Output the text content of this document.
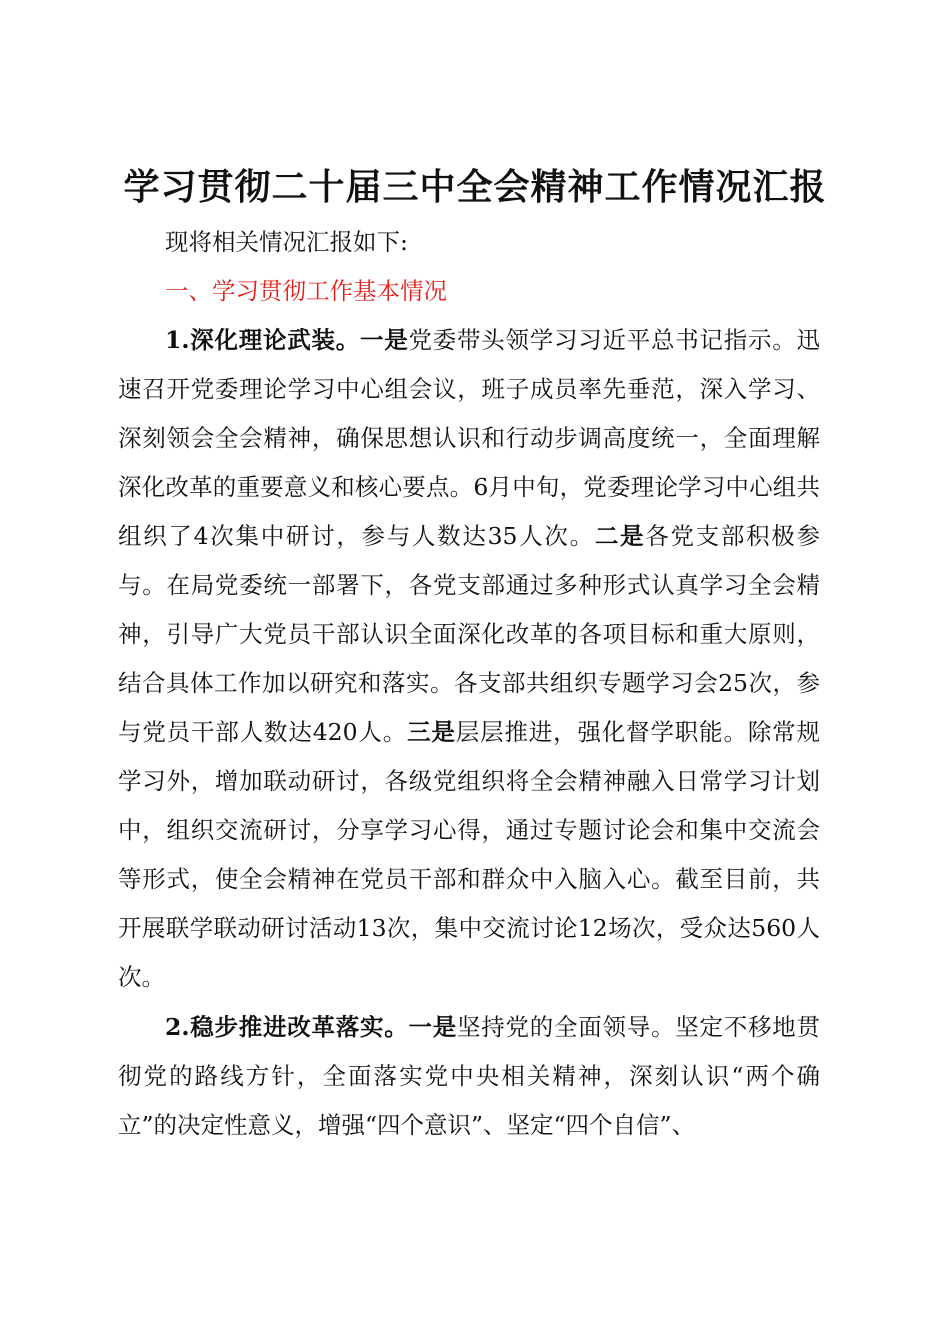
学习贯彻二十届三中全会精神工作情况汇报

现将相关情况汇报如下:

一、学习贯彻工作基本情况

1.深化理论武装。一是党委带头领学习习近平总书记指示。迅速召开党委理论学习中心组会议，班子成员率先垂范，深入学习、深刻领会全会精神，确保思想认识和行动步调高度统一，全面理解深化改革的重要意义和核心要点。6月中旬，党委理论学习中心组共组织了4次集中研讨，参与人数达35人次。二是各党支部积极参与。在局党委统一部署下，各党支部通过多种形式认真学习全会精神，引导广大党员干部认识全面深化改革的各项目标和重大原则，结合具体工作加以研究和落实。各支部共组织专题学习会25次，参与党员干部人数达420人。三是层层推进，强化督学职能。除常规学习外，增加联动研讨，各级党组织将全会精神融入日常学习计划中，组织交流研讨，分享学习心得，通过专题讨论会和集中交流会等形式，使全会精神在党员干部和群众中入脑入心。截至目前，共开展联学联动研讨活动13次，集中交流讨论12场次，受众达560人次。

2.稳步推进改革落实。一是坚持党的全面领导。坚定不移地贯彻党的路线方针，全面落实党中央相关精神，深刻认识“两个确立”的决定性意义，增强“四个意识”、坚定“四个自信”、
